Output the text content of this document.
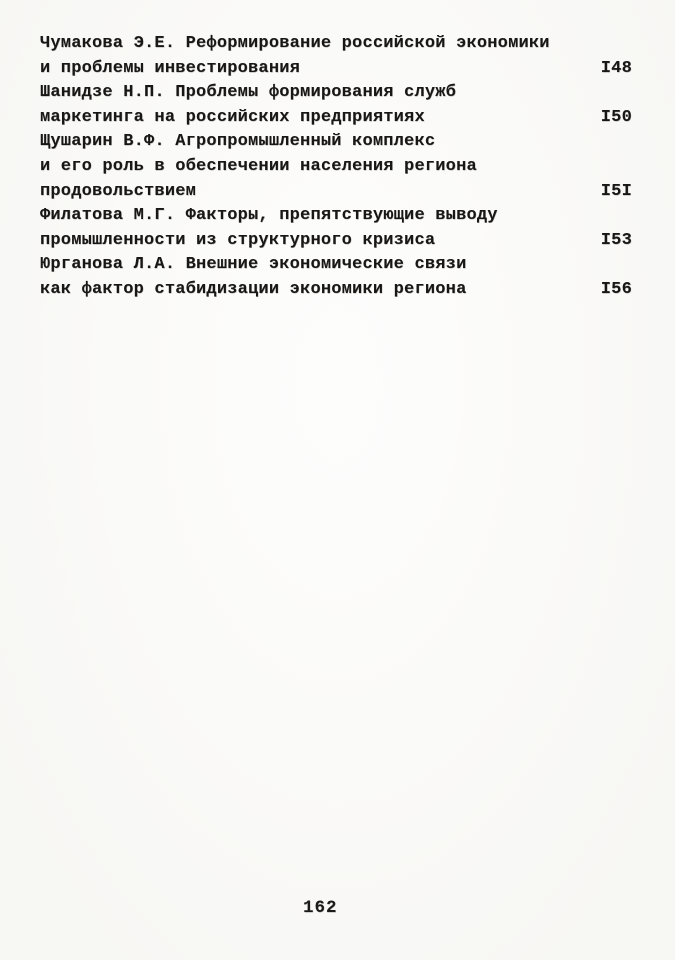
Чумакова Э.Е. Реформирование российской экономики
и проблемы инвестирования	I48
Шанидзе Н.П. Проблемы формирования служб
маркетинга на российских предприятиях	I50
Щушарин В.Ф. Агропромышленный комплекс
и его роль в обеспечении населения региона
продовольствием	I5I
Филатова М.Г. Факторы, препятствующие выводу
промышленности из структурного кризиса	I53
Юрганова Л.А. Внешние экономические связи
как фактор стабидизации экономики региона	I56
162
